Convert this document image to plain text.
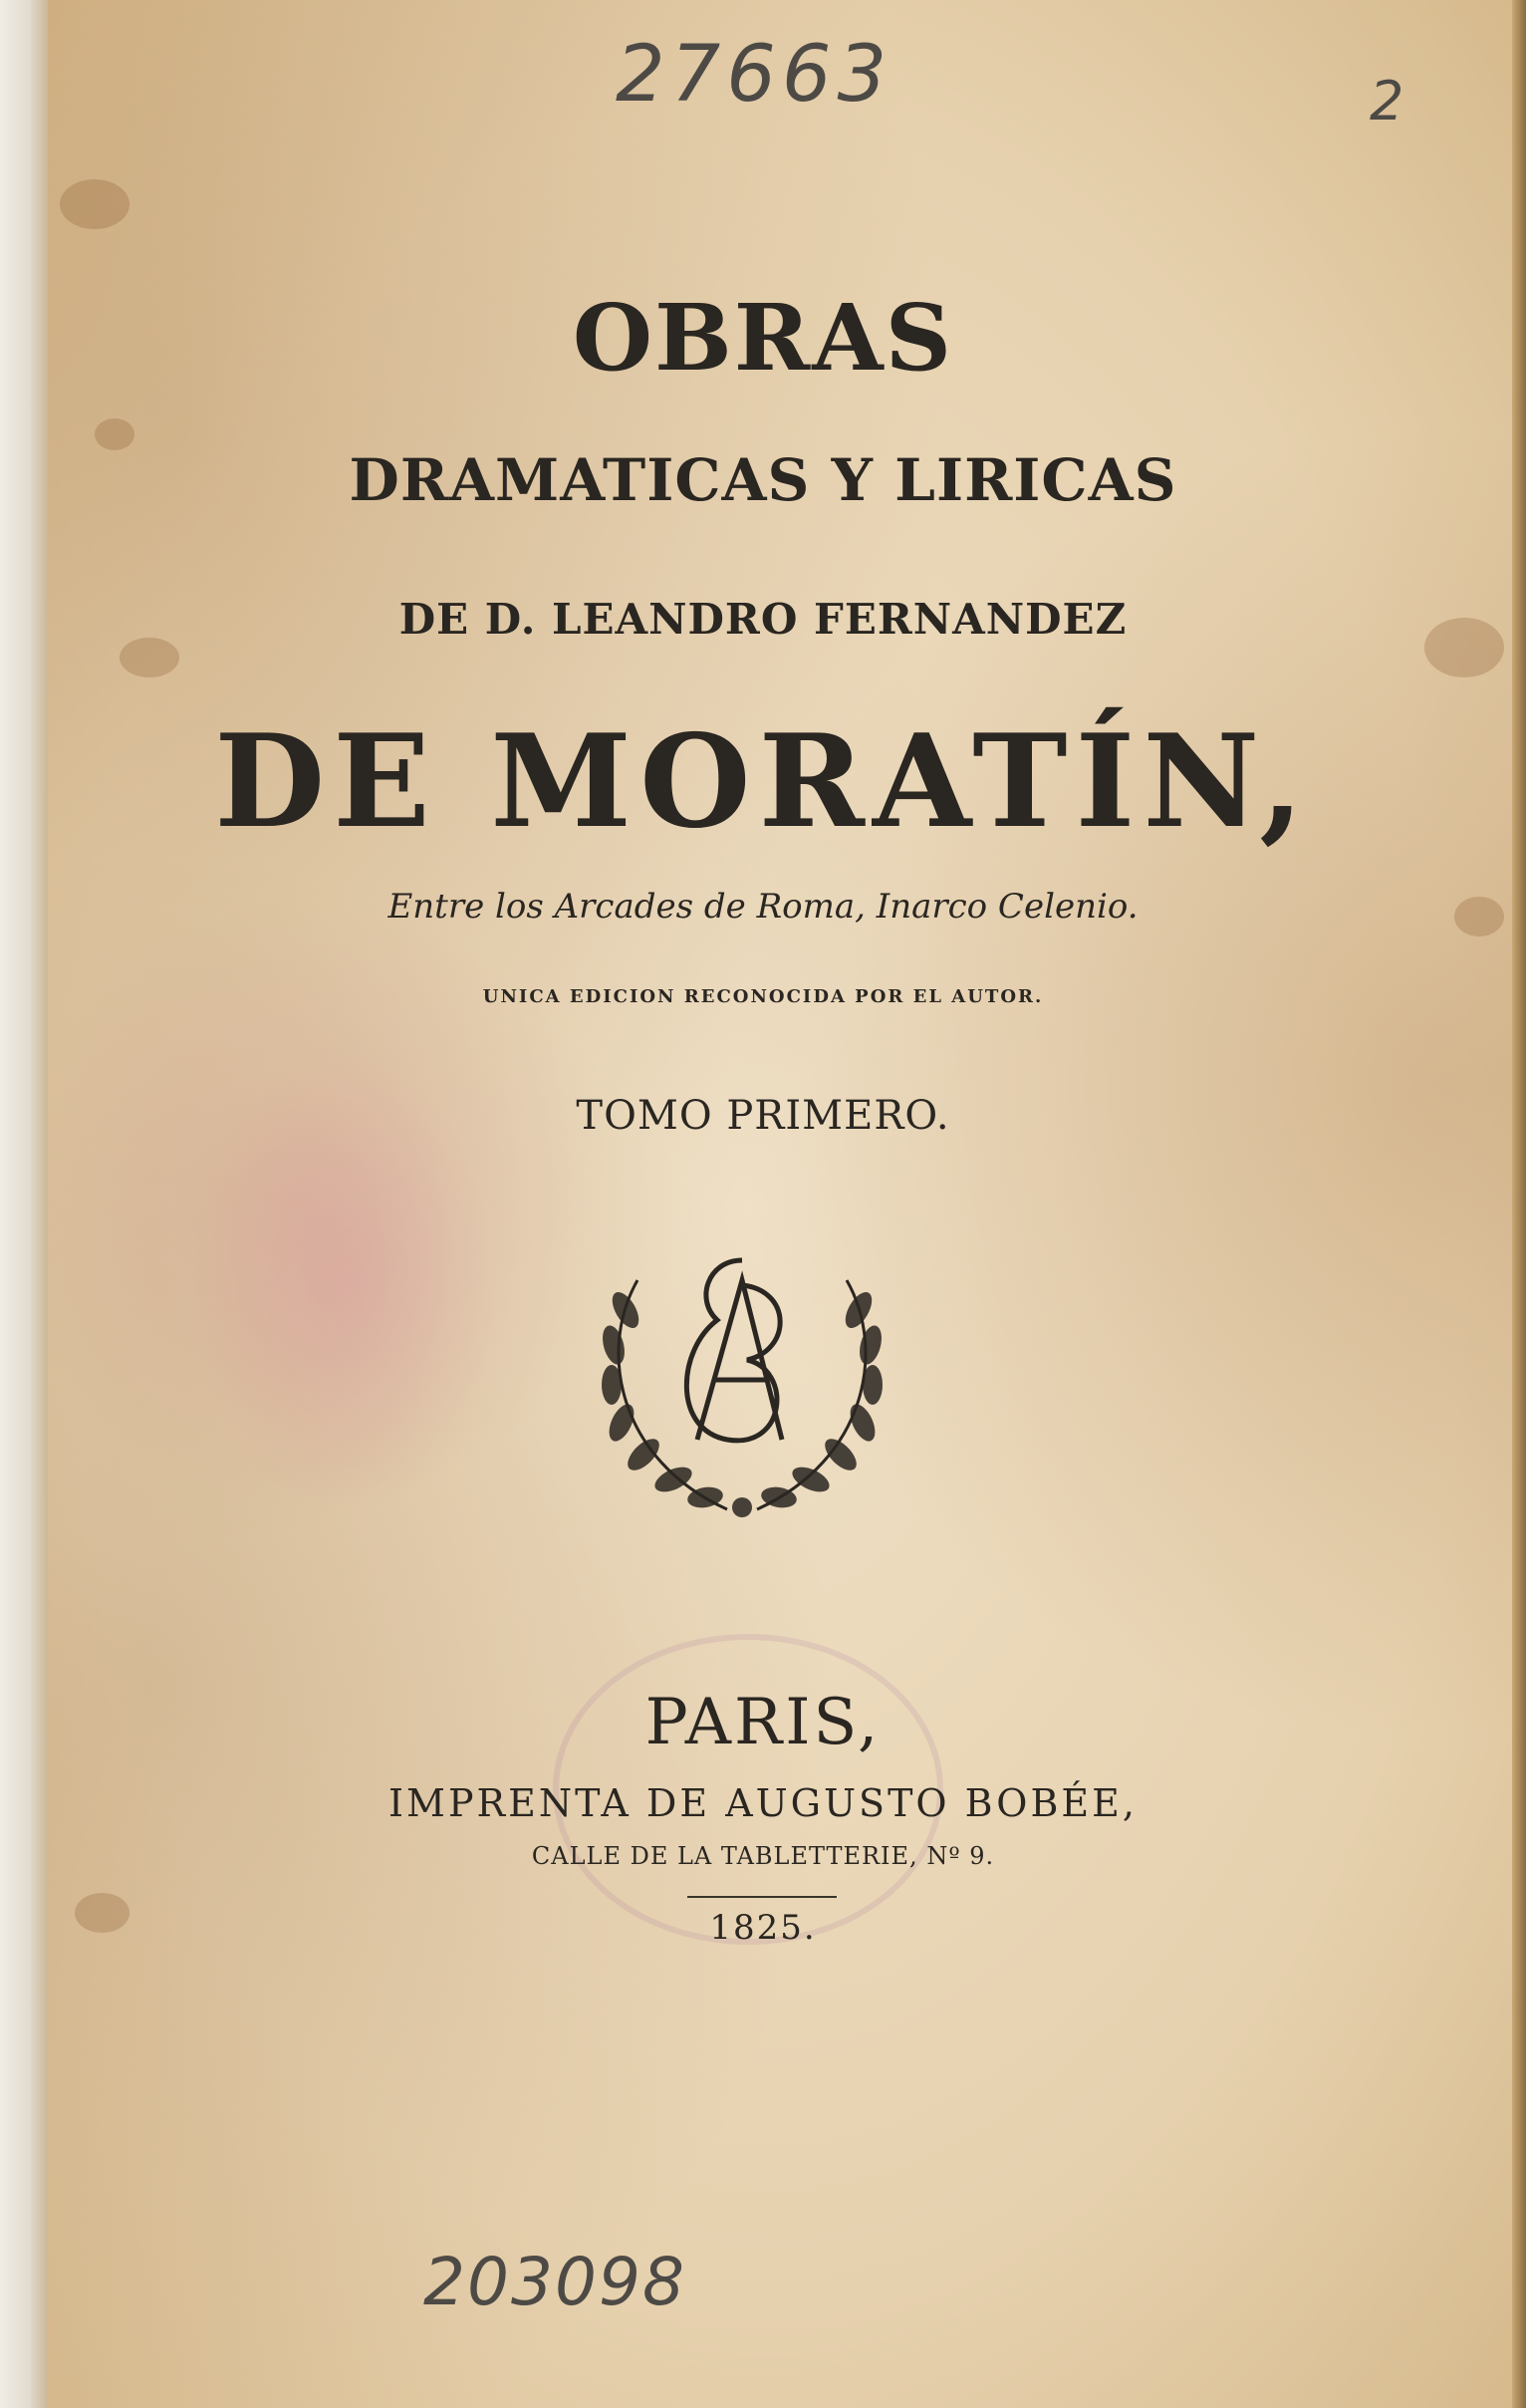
27663	2
OBRAS
DRAMATICAS Y LIRICAS
DE D. LEANDRO FERNANDEZ
DE MORATÍN,
Entre los Arcades de Roma, Inarco Celenio.
UNICA EDICION RECONOCIDA POR EL AUTOR.
TOMO PRIMERO.
PARIS,
IMPRENTA DE AUGUSTO BOBÉE,
CALLE DE LA TABLETTERIE, Nº 9.
1825.
203098
